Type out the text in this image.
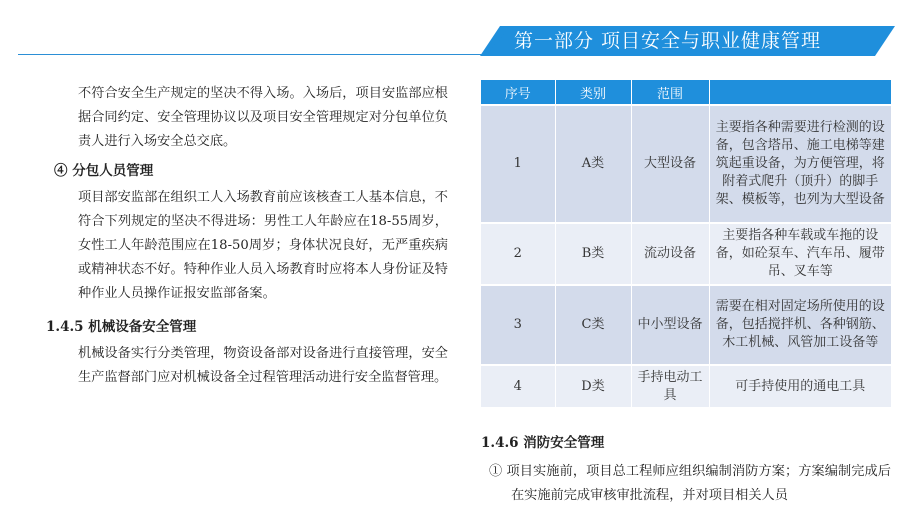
第一部分 项目安全与职业健康管理

不符合安全生产规定的坚决不得入场。入场后，项目安监部应根据合同约定、安全管理协议以及项目安全管理规定对分包单位负责人进行入场安全总交底。

④ 分包人员管理

项目部安监部在组织工人入场教育前应该核查工人基本信息，不符合下列规定的坚决不得进场：男性工人年龄应在18-55周岁，女性工人年龄范围应在18-50周岁；身体状况良好，无严重疾病或精神状态不好。特种作业人员入场教育时应将本人身份证及特种作业人员操作证报安监部备案。

1.4.5 机械设备安全管理

机械设备实行分类管理，物资设备部对设备进行直接管理，安全生产监督部门应对机械设备全过程管理活动进行安全监督管理。

序号	类别	范围	
1	A类	大型设备	主要指各种需要进行检测的设备，包含塔吊、施工电梯等建筑起重设备，为方便管理，将附着式爬升（顶升）的脚手架、模板等，也列为大型设备
2	B类	流动设备	主要指各种车载或车拖的设备，如砼泵车、汽车吊、履带吊、叉车等
3	C类	中小型设备	需要在相对固定场所使用的设备，包括搅拌机、各种钢筋、木工机械、风管加工设备等
4	D类	手持电动工具	可手持使用的通电工具

1.4.6 消防安全管理

① 项目实施前，项目总工程师应组织编制消防方案；方案编制完成后在实施前完成审核审批流程，并对项目相关人员
